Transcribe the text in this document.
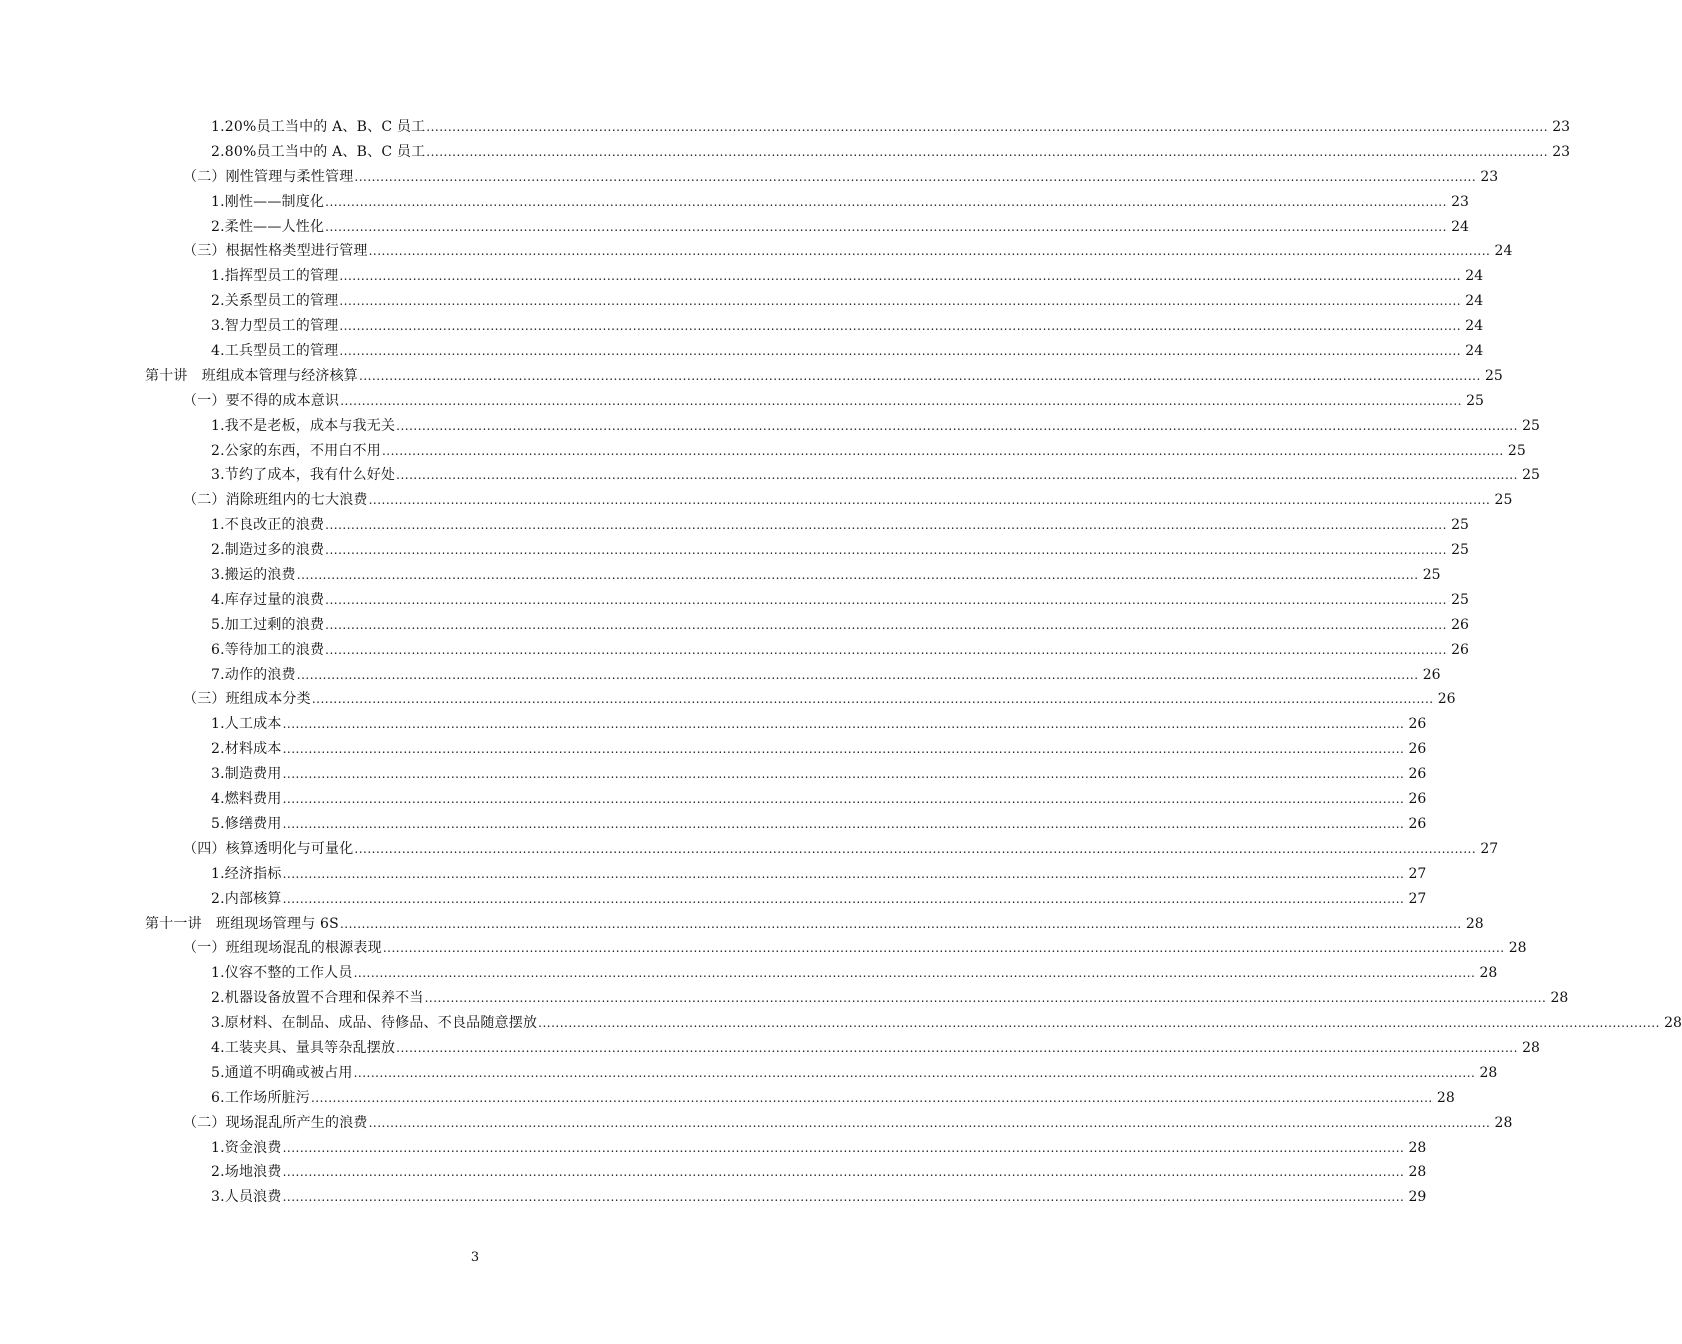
1.20%员工当中的 A、B、C 员工 .................................................................................................................................................................................................................................................................... 23
2.80%员工当中的 A、B、C 员工 .................................................................................................................................................................................................................................................................... 23
（二）刚性管理与柔性管理 .................................................................................................................................................................................................................................................................... 23
1.刚性——制度化 .................................................................................................................................................................................................................................................................... 23
2.柔性——人性化 .................................................................................................................................................................................................................................................................... 24
（三）根据性格类型进行管理 .................................................................................................................................................................................................................................................................... 24
1.指挥型员工的管理 .................................................................................................................................................................................................................................................................... 24
2.关系型员工的管理 .................................................................................................................................................................................................................................................................... 24
3.智力型员工的管理 .................................................................................................................................................................................................................................................................... 24
4.工兵型员工的管理 .................................................................................................................................................................................................................................................................... 24
第十讲　班组成本管理与经济核算 .................................................................................................................................................................................................................................................................... 25
（一）要不得的成本意识 .................................................................................................................................................................................................................................................................... 25
1.我不是老板，成本与我无关 .................................................................................................................................................................................................................................................................... 25
2.公家的东西，不用白不用 .................................................................................................................................................................................................................................................................... 25
3.节约了成本，我有什么好处 .................................................................................................................................................................................................................................................................... 25
（二）消除班组内的七大浪费 .................................................................................................................................................................................................................................................................... 25
1.不良改正的浪费 .................................................................................................................................................................................................................................................................... 25
2.制造过多的浪费 .................................................................................................................................................................................................................................................................... 25
3.搬运的浪费 .................................................................................................................................................................................................................................................................... 25
4.库存过量的浪费 .................................................................................................................................................................................................................................................................... 25
5.加工过剩的浪费 .................................................................................................................................................................................................................................................................... 26
6.等待加工的浪费 .................................................................................................................................................................................................................................................................... 26
7.动作的浪费 .................................................................................................................................................................................................................................................................... 26
（三）班组成本分类 .................................................................................................................................................................................................................................................................... 26
1.人工成本 .................................................................................................................................................................................................................................................................... 26
2.材料成本 .................................................................................................................................................................................................................................................................... 26
3.制造费用 .................................................................................................................................................................................................................................................................... 26
4.燃料费用 .................................................................................................................................................................................................................................................................... 26
5.修缮费用 .................................................................................................................................................................................................................................................................... 26
（四）核算透明化与可量化 .................................................................................................................................................................................................................................................................... 27
1.经济指标 .................................................................................................................................................................................................................................................................... 27
2.内部核算 .................................................................................................................................................................................................................................................................... 27
第十一讲　班组现场管理与 6S .................................................................................................................................................................................................................................................................... 28
（一）班组现场混乱的根源表现 .................................................................................................................................................................................................................................................................... 28
1.仪容不整的工作人员 .................................................................................................................................................................................................................................................................... 28
2.机器设备放置不合理和保养不当 .................................................................................................................................................................................................................................................................... 28
3.原材料、在制品、成品、待修品、不良品随意摆放 .................................................................................................................................................................................................................................................................... 28
4.工装夹具、量具等杂乱摆放 .................................................................................................................................................................................................................................................................... 28
5.通道不明确或被占用 .................................................................................................................................................................................................................................................................... 28
6.工作场所脏污 .................................................................................................................................................................................................................................................................... 28
（二）现场混乱所产生的浪费 .................................................................................................................................................................................................................................................................... 28
1.资金浪费 .................................................................................................................................................................................................................................................................... 28
2.场地浪费 .................................................................................................................................................................................................................................................................... 28
3.人员浪费 .................................................................................................................................................................................................................................................................... 29
3
